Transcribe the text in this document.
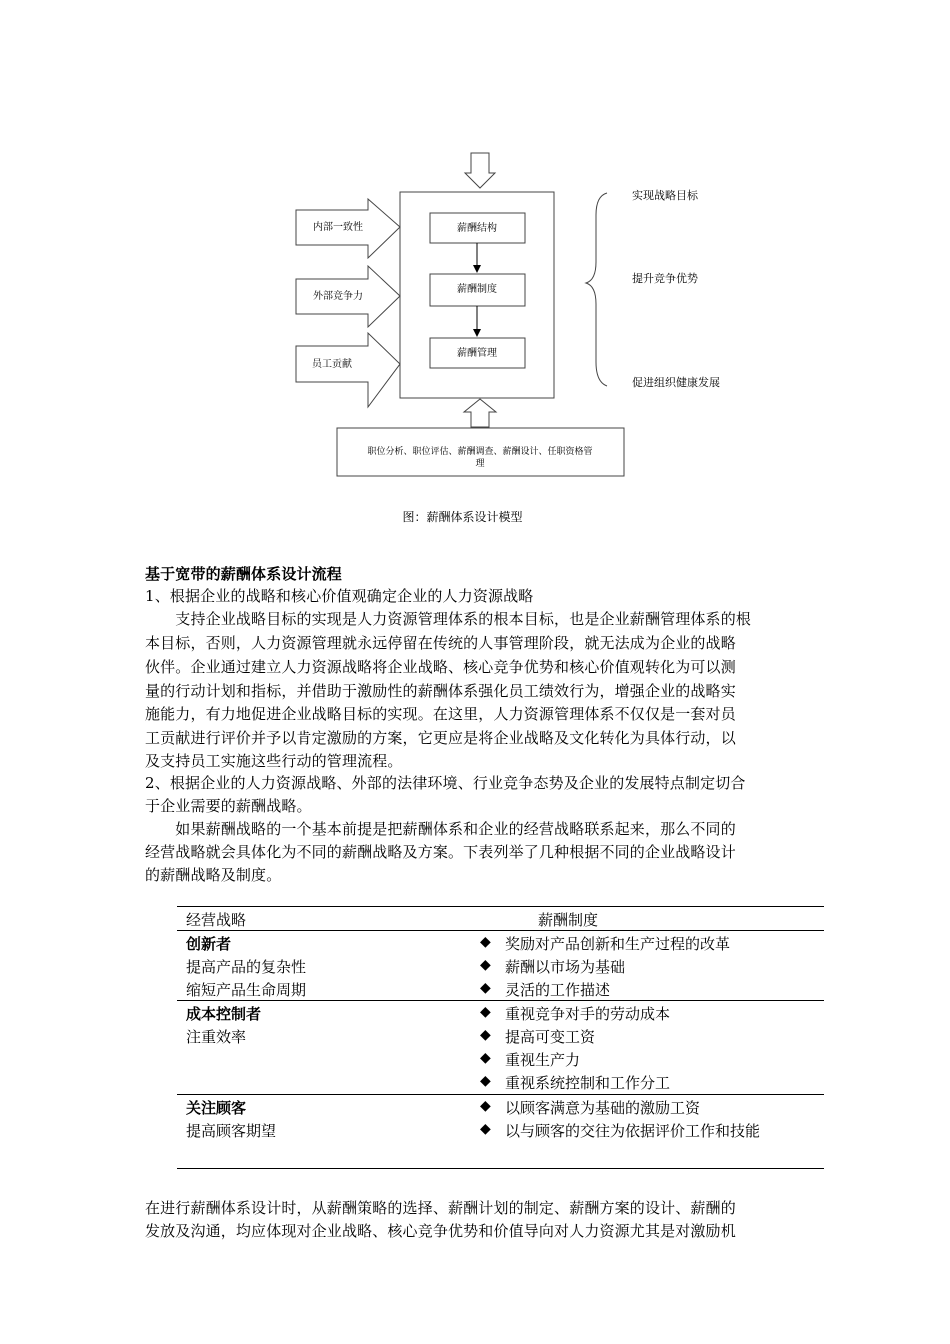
内部一致性
外部竞争力
员工贡献
薪酬结构
薪酬制度
薪酬管理
实现战略目标
提升竞争优势
促进组织健康发展
职位分析、职位评估、薪酬调查、薪酬设计、任职资格管
理
图：薪酬体系设计模型
基于宽带的薪酬体系设计流程
1、根据企业的战略和核心价值观确定企业的人力资源战略
　　支持企业战略目标的实现是人力资源管理体系的根本目标，也是企业薪酬管理体系的根
本目标，否则，人力资源管理就永远停留在传统的人事管理阶段，就无法成为企业的战略
伙伴。企业通过建立人力资源战略将企业战略、核心竞争优势和核心价值观转化为可以测
量的行动计划和指标，并借助于激励性的薪酬体系强化员工绩效行为，增强企业的战略实
施能力，有力地促进企业战略目标的实现。在这里，人力资源管理体系不仅仅是一套对员
工贡献进行评价并予以肯定激励的方案，它更应是将企业战略及文化转化为具体行动，以
及支持员工实施这些行动的管理流程。
2、根据企业的人力资源战略、外部的法律环境、行业竞争态势及企业的发展特点制定切合
于企业需要的薪酬战略。
　　如果薪酬战略的一个基本前提是把薪酬体系和企业的经营战略联系起来，那么不同的
经营战略就会具体化为不同的薪酬战略及方案。下表列举了几种根据不同的企业战略设计
的薪酬战略及制度。
经营战略	薪酬制度
创新者
提高产品的复杂性
缩短产品生命周期
◆ 奖励对产品创新和生产过程的改革
◆ 薪酬以市场为基础
◆ 灵活的工作描述
成本控制者
注重效率
◆ 重视竞争对手的劳动成本
◆ 提高可变工资
◆ 重视生产力
◆ 重视系统控制和工作分工
关注顾客
提高顾客期望
◆ 以顾客满意为基础的激励工资
◆ 以与顾客的交往为依据评价工作和技能
在进行薪酬体系设计时，从薪酬策略的选择、薪酬计划的制定、薪酬方案的设计、薪酬的
发放及沟通，均应体现对企业战略、核心竞争优势和价值导向对人力资源尤其是对激励机
